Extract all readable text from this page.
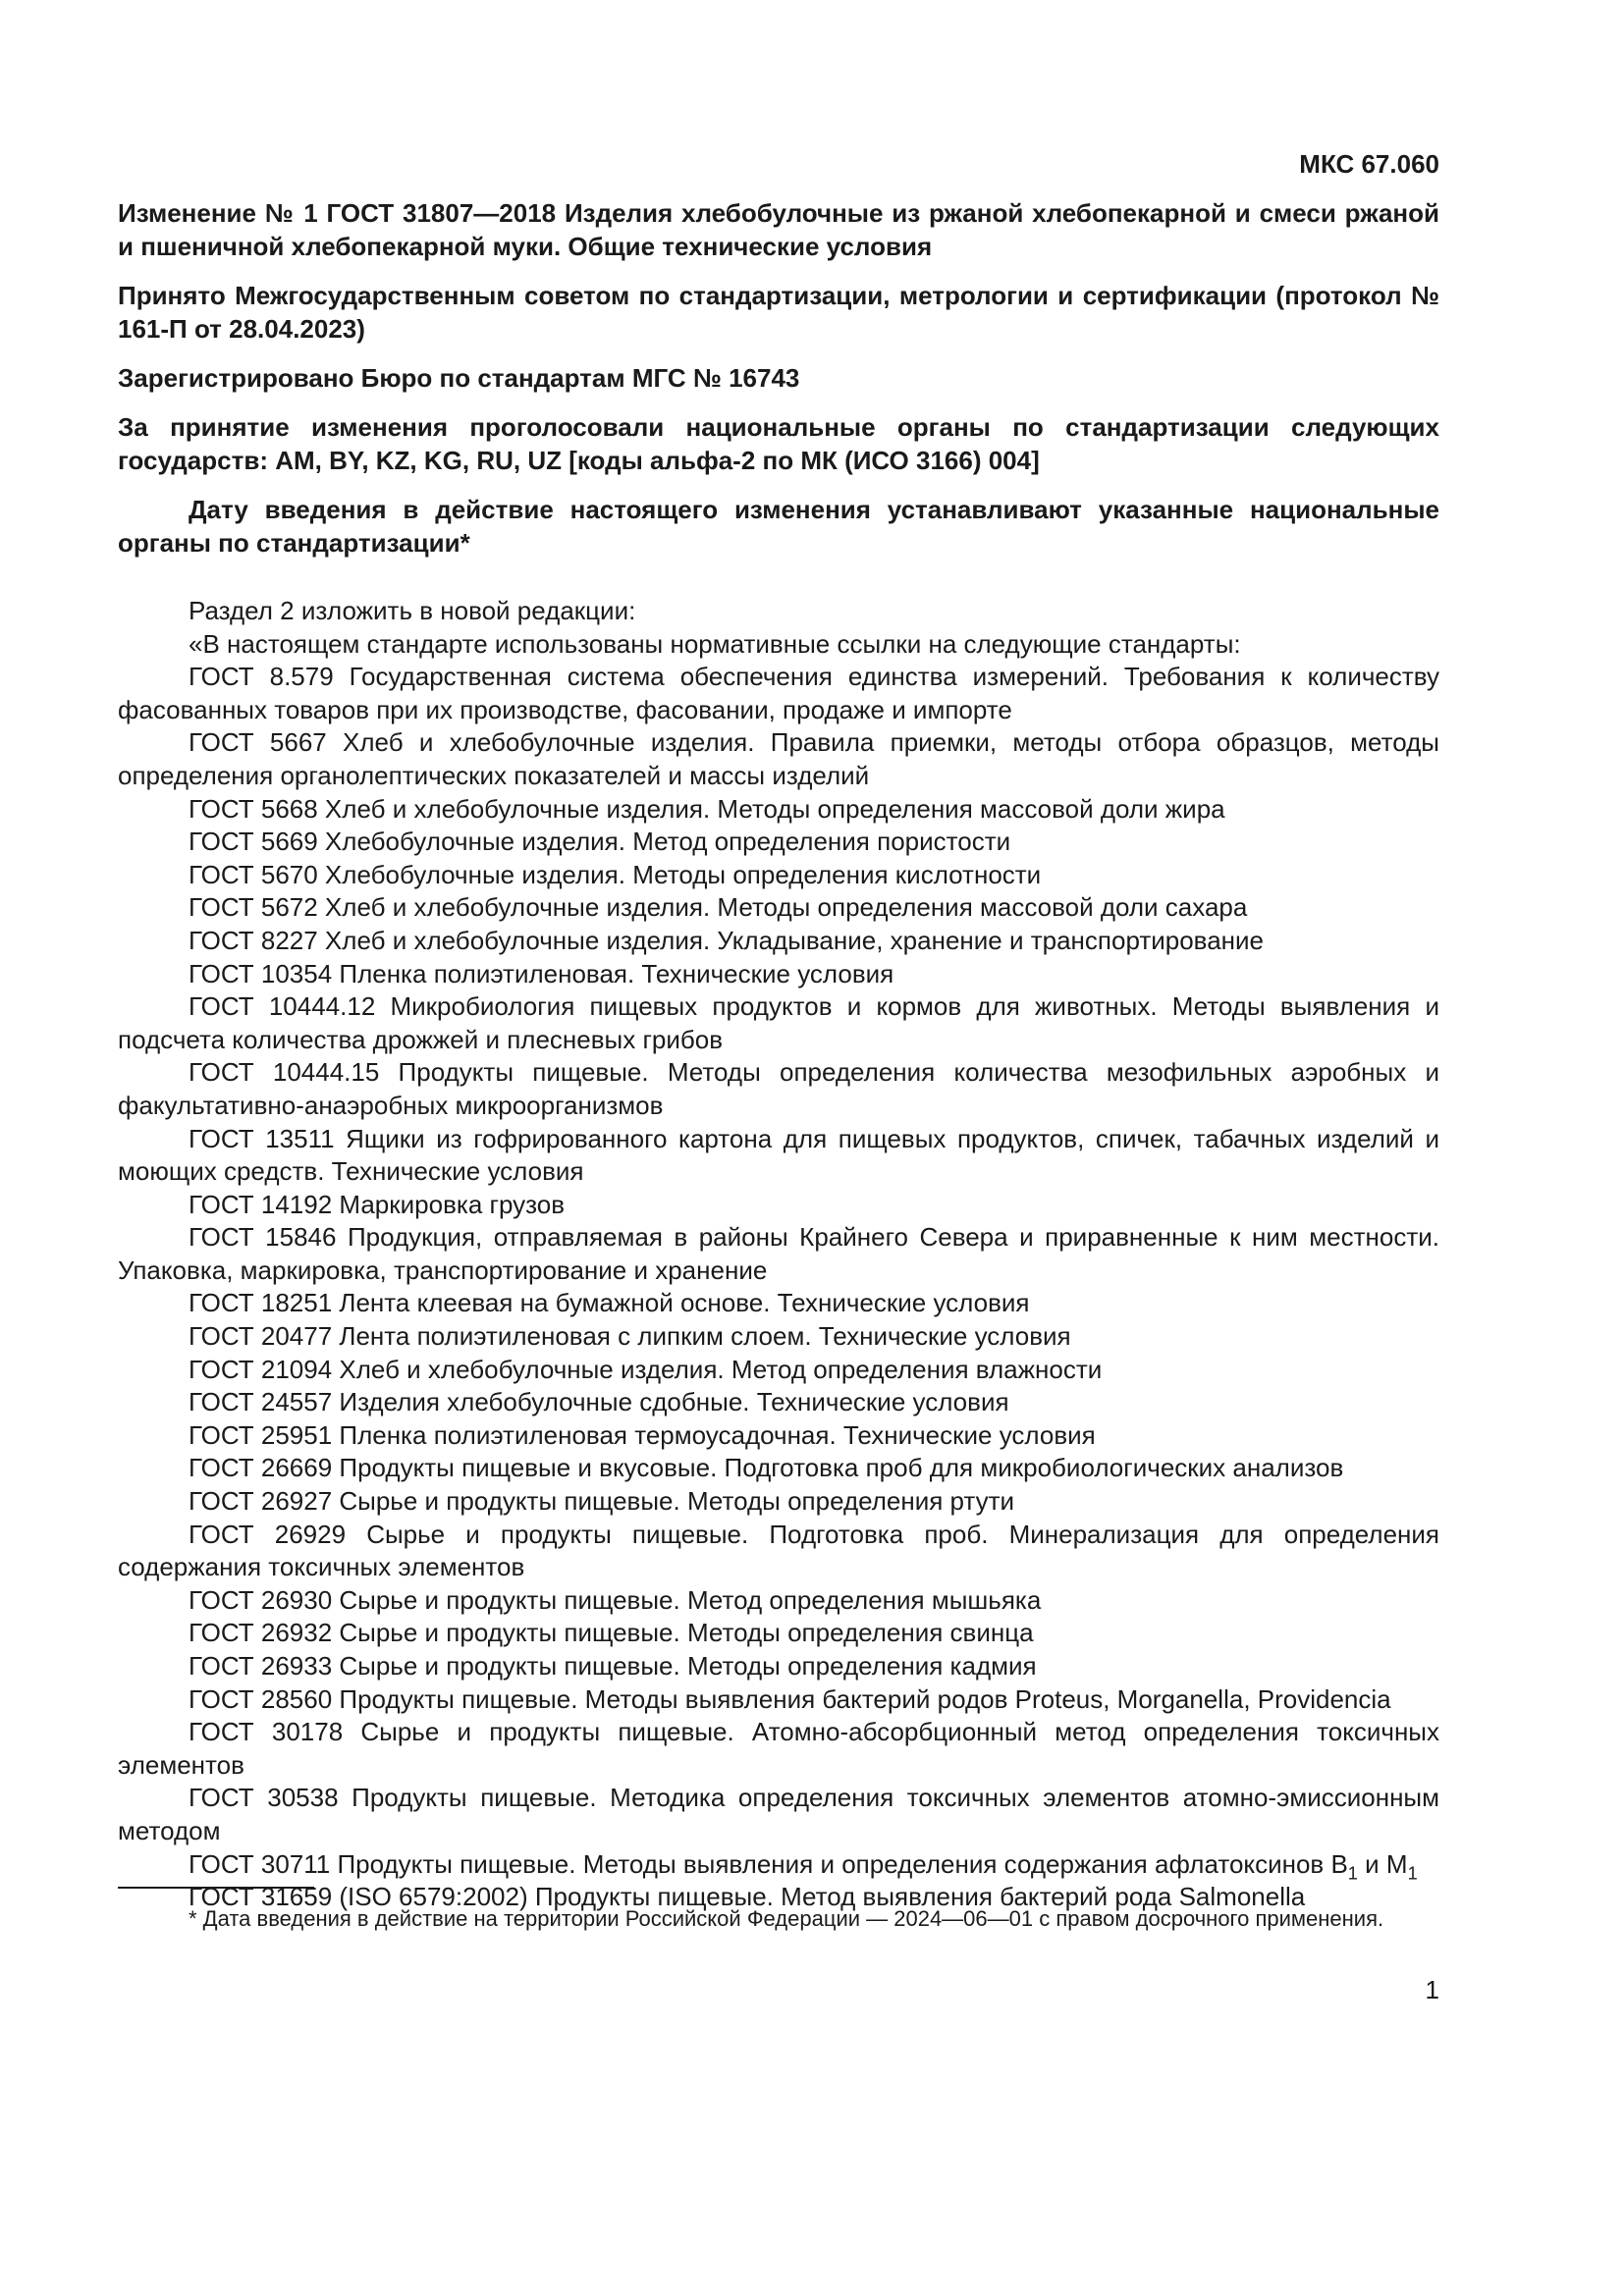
МКС 67.060

Изменение № 1 ГОСТ 31807—2018 Изделия хлебобулочные из ржаной хлебопекарной и смеси ржаной и пшеничной хлебопекарной муки. Общие технические условия

Принято Межгосударственным советом по стандартизации, метрологии и сертификации (протокол № 161-П от 28.04.2023)

Зарегистрировано Бюро по стандартам МГС № 16743

За принятие изменения проголосовали национальные органы по стандартизации следующих государств: AM, BY, KZ, KG, RU, UZ [коды альфа-2 по МК (ИСО 3166) 004]

Дату введения в действие настоящего изменения устанавливают указанные национальные органы по стандартизации*

Раздел 2 изложить в новой редакции:

«В настоящем стандарте использованы нормативные ссылки на следующие стандарты:

ГОСТ 8.579 Государственная система обеспечения единства измерений. Требования к количеству фасованных товаров при их производстве, фасовании, продаже и импорте

ГОСТ 5667 Хлеб и хлебобулочные изделия. Правила приемки, методы отбора образцов, методы определения органолептических показателей и массы изделий

ГОСТ 5668 Хлеб и хлебобулочные изделия. Методы определения массовой доли жира

ГОСТ 5669 Хлебобулочные изделия. Метод определения пористости

ГОСТ 5670 Хлебобулочные изделия. Методы определения кислотности

ГОСТ 5672 Хлеб и хлебобулочные изделия. Методы определения массовой доли сахара

ГОСТ 8227 Хлеб и хлебобулочные изделия. Укладывание, хранение и транспортирование

ГОСТ 10354 Пленка полиэтиленовая. Технические условия

ГОСТ 10444.12 Микробиология пищевых продуктов и кормов для животных. Методы выявления и подсчета количества дрожжей и плесневых грибов

ГОСТ 10444.15 Продукты пищевые. Методы определения количества мезофильных аэробных и факультативно-анаэробных микроорганизмов

ГОСТ 13511 Ящики из гофрированного картона для пищевых продуктов, спичек, табачных изделий и моющих средств. Технические условия

ГОСТ 14192 Маркировка грузов

ГОСТ 15846 Продукция, отправляемая в районы Крайнего Севера и приравненные к ним местности. Упаковка, маркировка, транспортирование и хранение

ГОСТ 18251 Лента клеевая на бумажной основе. Технические условия

ГОСТ 20477 Лента полиэтиленовая с липким слоем. Технические условия

ГОСТ 21094 Хлеб и хлебобулочные изделия. Метод определения влажности

ГОСТ 24557 Изделия хлебобулочные сдобные. Технические условия

ГОСТ 25951 Пленка полиэтиленовая термоусадочная. Технические условия

ГОСТ 26669 Продукты пищевые и вкусовые. Подготовка проб для микробиологических анализов

ГОСТ 26927 Сырье и продукты пищевые. Методы определения ртути

ГОСТ 26929 Сырье и продукты пищевые. Подготовка проб. Минерализация для определения содержания токсичных элементов

ГОСТ 26930 Сырье и продукты пищевые. Метод определения мышьяка

ГОСТ 26932 Сырье и продукты пищевые. Методы определения свинца

ГОСТ 26933 Сырье и продукты пищевые. Методы определения кадмия

ГОСТ 28560 Продукты пищевые. Методы выявления бактерий родов Proteus, Morganella, Providencia

ГОСТ 30178 Сырье и продукты пищевые. Атомно-абсорбционный метод определения токсичных элементов

ГОСТ 30538 Продукты пищевые. Методика определения токсичных элементов атомно-эмиссионным методом

ГОСТ 30711 Продукты пищевые. Методы выявления и определения содержания афлатоксинов $В_1$ и $М_1$

ГОСТ 31659 (ISO 6579:2002) Продукты пищевые. Метод выявления бактерий рода Salmonella

* Дата введения в действие на территории Российской Федерации — 2024—06—01 с правом досрочного применения.

1
